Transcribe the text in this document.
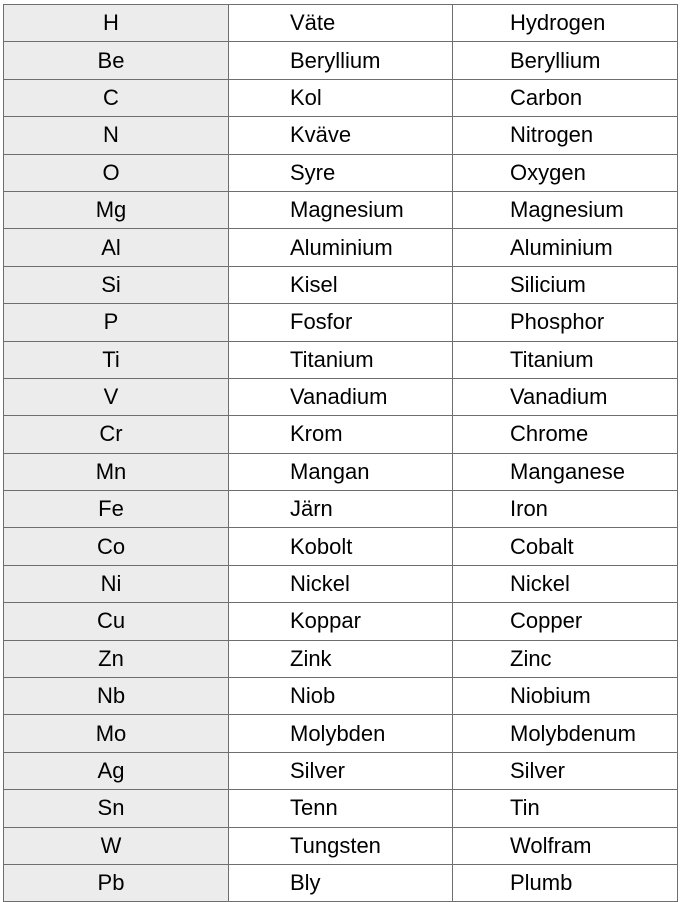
H	Väte	Hydrogen
Be	Beryllium	Beryllium
C	Kol	Carbon
N	Kväve	Nitrogen
O	Syre	Oxygen
Mg	Magnesium	Magnesium
Al	Aluminium	Aluminium
Si	Kisel	Silicium
P	Fosfor	Phosphor
Ti	Titanium	Titanium
V	Vanadium	Vanadium
Cr	Krom	Chrome
Mn	Mangan	Manganese
Fe	Järn	Iron
Co	Kobolt	Cobalt
Ni	Nickel	Nickel
Cu	Koppar	Copper
Zn	Zink	Zinc
Nb	Niob	Niobium
Mo	Molybden	Molybdenum
Ag	Silver	Silver
Sn	Tenn	Tin
W	Tungsten	Wolfram
Pb	Bly	Plumb
